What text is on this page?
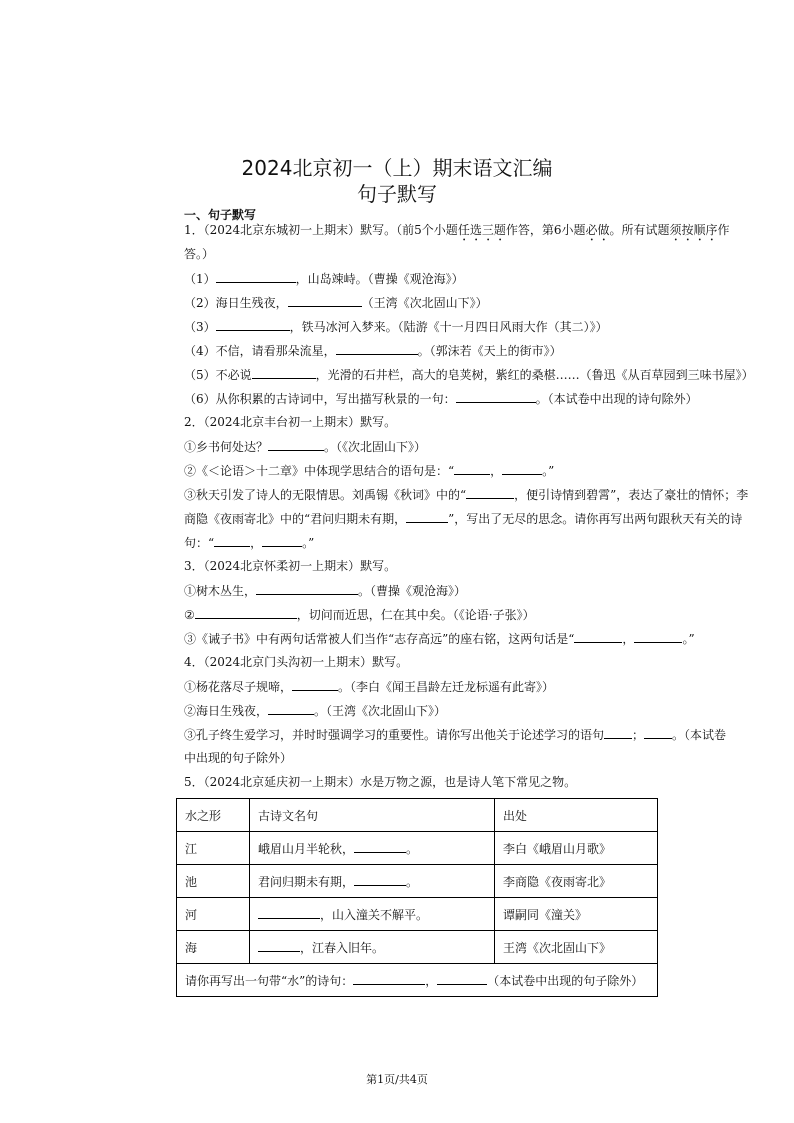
2024北京初一（上）期末语文汇编
句子默写
一、句子默写
1．（2024北京东城初一上期末）默写。（前5个小题任选三题作答，第6小题必做。所有试题须按顺序作
答。）
（1）	，山岛竦峙。（曹操《观沧海》）
（2）海日生残夜，	（王湾《次北固山下》）
（3）	，铁马冰河入梦来。（陆游《十一月四日风雨大作（其二）》）
（4）不信，请看那朵流星，	。（郭沫若《天上的街市》）
（5）不必说	，光滑的石井栏，高大的皂荚树，紫红的桑椹……（鲁迅《从百草园到三味书屋》）
（6）从你积累的古诗词中，写出描写秋景的一句：	。（本试卷中出现的诗句除外）
2．（2024北京丰台初一上期末）默写。
①乡书何处达？	。（《次北固山下》）
②《＜论语＞十二章》中体现学思结合的语句是：“	，	。”
③秋天引发了诗人的无限情思。刘禹锡《秋词》中的“	，便引诗情到碧霄”，表达了豪壮的情怀；李
商隐《夜雨寄北》中的“君问归期未有期，	”，写出了无尽的思念。请你再写出两句跟秋天有关的诗
句：“	，	。”
3．（2024北京怀柔初一上期末）默写。
①树木丛生，	。（曹操《观沧海》）
②	，切问而近思，仁在其中矣。（《论语·子张》）
③《诫子书》中有两句话常被人们当作“志存高远”的座右铭，这两句话是“	，	。”
4．（2024北京门头沟初一上期末）默写。
①杨花落尽子规啼，	。（李白《闻王昌龄左迁龙标遥有此寄》）
②海日生残夜，	。（王湾《次北固山下》）
③孔子终生爱学习，并时时强调学习的重要性。请你写出他关于论述学习的语句 ； 。（本试卷
中出现的句子除外）
5．（2024北京延庆初一上期末）水是万物之源，也是诗人笔下常见之物。
水之形	古诗文名句	出处
江	峨眉山月半轮秋， 。	李白《峨眉山月歌》
池	君问归期未有期， 。	李商隐《夜雨寄北》
河	，山入潼关不解平。	谭嗣同《潼关》
海	，江春入旧年。	王湾《次北固山下》
请你再写出一句带“水”的诗句： ， （本试卷中出现的句子除外）		
第1页/共4页
